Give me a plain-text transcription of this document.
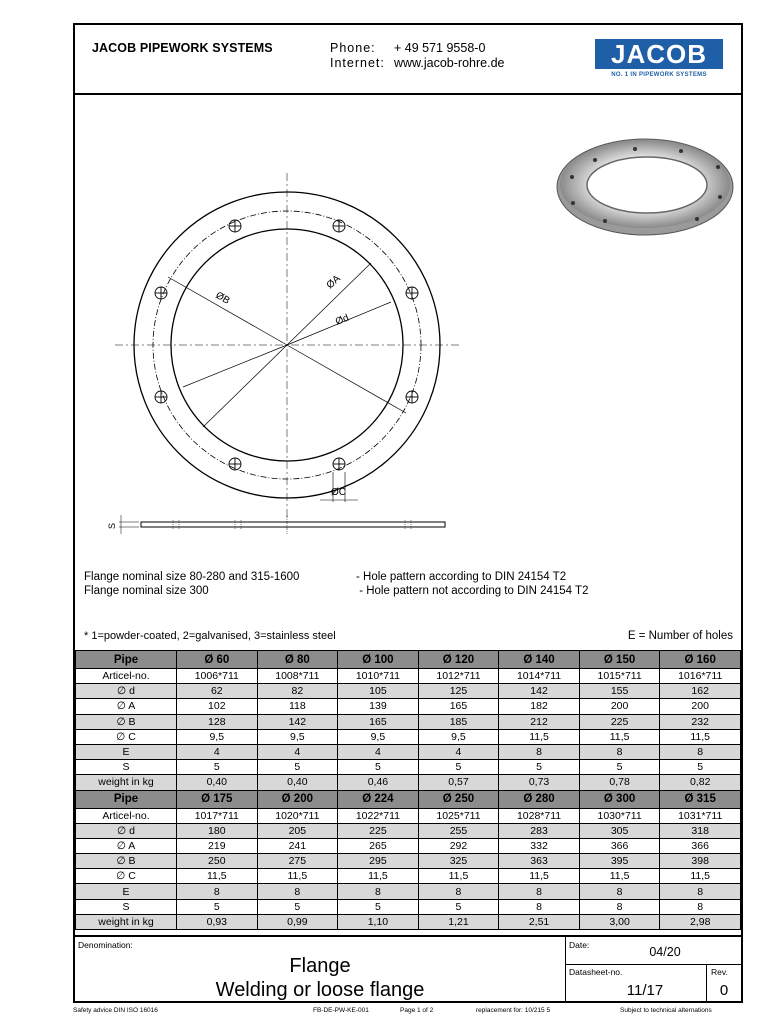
JACOB PIPEWORK SYSTEMS	Phone: + 49 571 9558-0
Internet: www.jacob-rohre.de	JACOB
NO. 1 IN PIPEWORK SYSTEMS
ØA
ØB
Ød
ØC
S
Flange nominal size 80-280 and 315-1600	- Hole pattern according to DIN 24154 T2
Flange nominal size 300	- Hole pattern not according to DIN 24154 T2
* 1=powder-coated, 2=galvanised, 3=stainless steel	E = Number of holes
Pipe	Ø 60	Ø 80	Ø 100	Ø 120	Ø 140	Ø 150	Ø 160
Articel-no.	1006*711	1008*711	1010*711	1012*711	1014*711	1015*711	1016*711
∅ d	62	82	105	125	142	155	162
∅ A	102	118	139	165	182	200	200
∅ B	128	142	165	185	212	225	232
∅ C	9,5	9,5	9,5	9,5	11,5	11,5	11,5
E	4	4	4	4	8	8	8
S	5	5	5	5	5	5	5
weight in kg	0,40	0,40	0,46	0,57	0,73	0,78	0,82
Pipe	Ø 175	Ø 200	Ø 224	Ø 250	Ø 280	Ø 300	Ø 315
Articel-no.	1017*711	1020*711	1022*711	1025*711	1028*711	1030*711	1031*711
∅ d	180	205	225	255	283	305	318
∅ A	219	241	265	292	332	366	366
∅ B	250	275	295	325	363	395	398
∅ C	11,5	11,5	11,5	11,5	11,5	11,5	11,5
E	8	8	8	8	8	8	8
S	5	5	5	5	8	8	8
weight in kg	0,93	0,99	1,10	1,21	2,51	3,00	2,98
Denomination:
Flange
Welding or loose flange
Date:	04/20
Datasheet-no.
11/17
Rev.
0
Safety advice DIN ISO 16016	FB-DE-PW-KE-001	Page 1 of 2	replacement for: 10/215 5	Subject to technical alternations
